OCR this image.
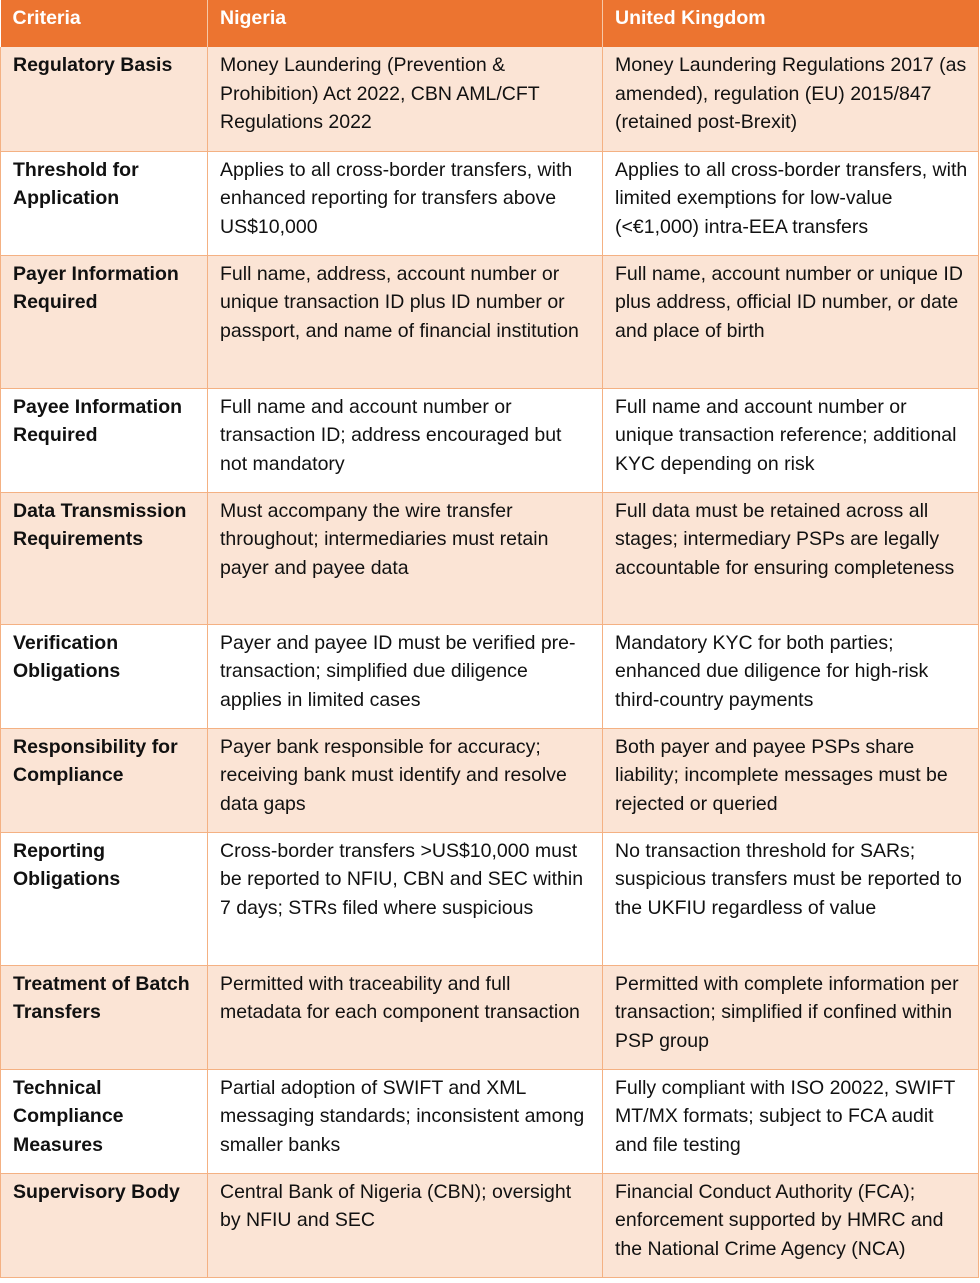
Criteria	Nigeria	United Kingdom
Regulatory Basis	Money Laundering (Prevention & Prohibition) Act 2022, CBN AML/CFT Regulations 2022	Money Laundering Regulations 2017 (as amended), regulation (EU) 2015/847 (retained post-Brexit)
Threshold for Application	Applies to all cross-border transfers, with enhanced reporting for transfers above US$10,000	Applies to all cross-border transfers, with limited exemptions for low-value (<€1,000) intra-EEA transfers
Payer Information Required	Full name, address, account number or unique transaction ID plus ID number or passport, and name of financial institution	Full name, account number or unique ID plus address, official ID number, or date and place of birth
Payee Information Required	Full name and account number or transaction ID; address encouraged but not mandatory	Full name and account number or unique transaction reference; additional KYC depending on risk
Data Transmission Requirements	Must accompany the wire transfer throughout; intermediaries must retain payer and payee data	Full data must be retained across all stages; intermediary PSPs are legally accountable for ensuring completeness
Verification Obligations	Payer and payee ID must be verified pre-transaction; simplified due diligence applies in limited cases	Mandatory KYC for both parties; enhanced due diligence for high-risk third-country payments
Responsibility for Compliance	Payer bank responsible for accuracy; receiving bank must identify and resolve data gaps	Both payer and payee PSPs share liability; incomplete messages must be rejected or queried
Reporting Obligations	Cross-border transfers >US$10,000 must be reported to NFIU, CBN and SEC within 7 days; STRs filed where suspicious	No transaction threshold for SARs; suspicious transfers must be reported to the UKFIU regardless of value
Treatment of Batch Transfers	Permitted with traceability and full metadata for each component transaction	Permitted with complete information per transaction; simplified if confined within PSP group
Technical Compliance Measures	Partial adoption of SWIFT and XML messaging standards; inconsistent among smaller banks	Fully compliant with ISO 20022, SWIFT MT/MX formats; subject to FCA audit and file testing
Supervisory Body	Central Bank of Nigeria (CBN); oversight by NFIU and SEC	Financial Conduct Authority (FCA); enforcement supported by HMRC and the National Crime Agency (NCA)
